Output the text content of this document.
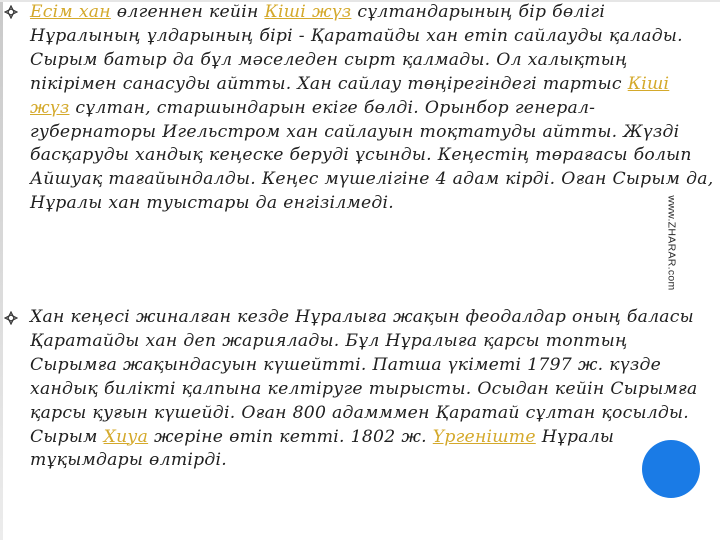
Есім хан өлгеннен кейін Кіші жүз сұлтандарының бір бөлігі Нұралының ұлдарының бірі - Қаратайды хан етіп сайлауды қалады. Сырым батыр да бұл мәселеден сырт қалмады. Ол халықтың пікірімен санасуды айтты. Хан сайлау төңірегіндегі тартыс Кіші жүз сұлтан, старшындарын екіге бөлді. Орынбор генерал-губернаторы Игельстром хан сайлауын тоқтатуды айтты. Жүзді басқаруды хандық кеңеске беруді ұсынды. Кеңестің төрағасы болып Айшуақ тағайындалды. Кеңес мүшелігіне 4 адам кірді. Оған Сырым да, Нұралы хан туыстары да енгізілмеді.

Хан кеңесі жиналған кезде Нұралыға жақын феодалдар оның баласы Қаратайды хан деп жариялады. Бұл Нұралыға қарсы топтың Сырымға жақындасуын күшейтті. Патша үкіметі 1797 ж. күзде хандық билікті қалпына келтіруге тырысты. Осыдан кейін Сырымға қарсы қуғын күшейді. Оған 800 адамммен Қаратай сұлтан қосылды. Сырым Хиуа жеріне өтіп кетті. 1802 ж. Үргеніште Нұралы тұқымдары өлтірді.

www.ZHARAR.com
